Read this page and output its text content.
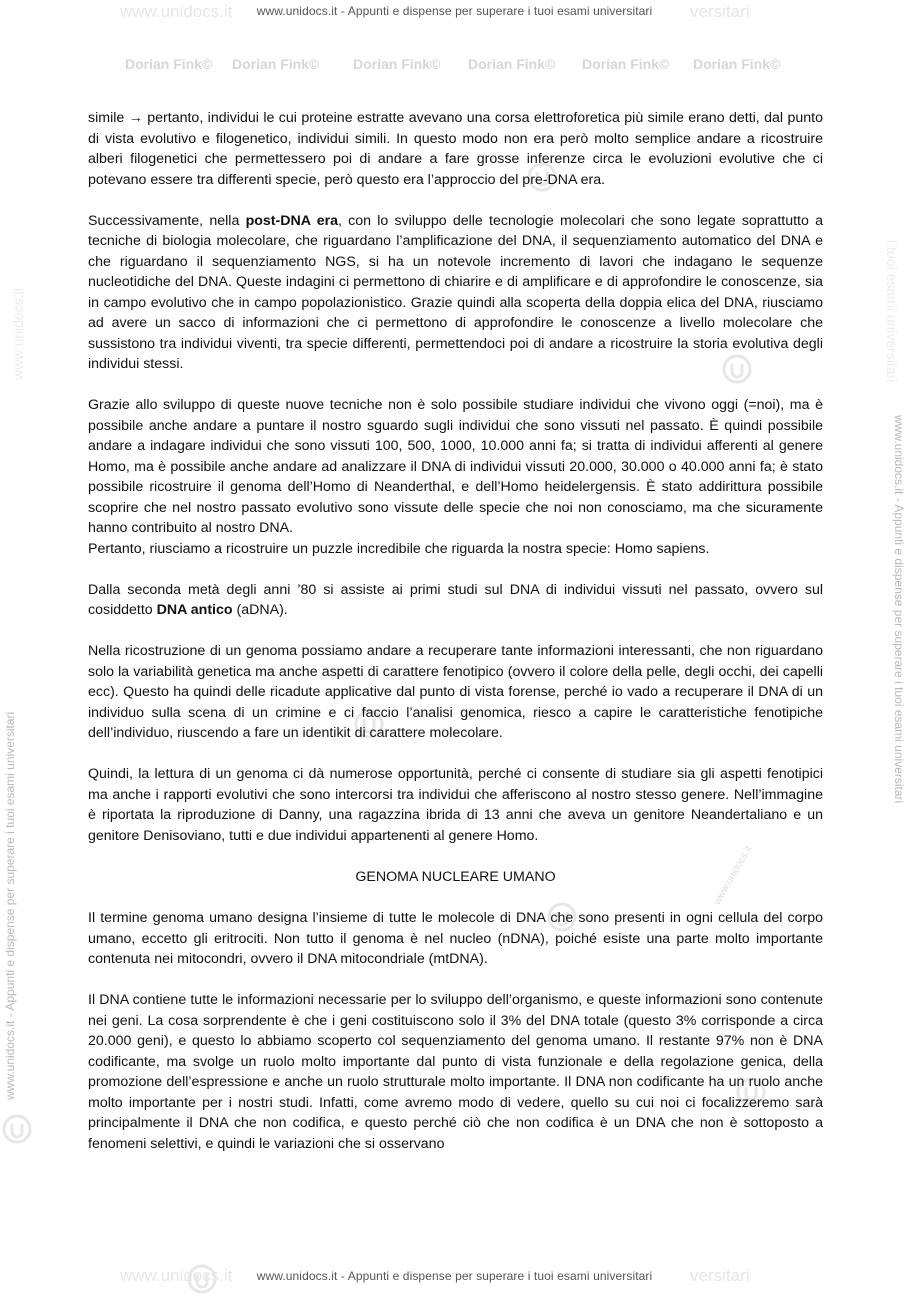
www.unidocs.it	versitari
www.unidocs.it - Appunti e dispense per superare i tuoi esami universitari
Dorian Fink© Dorian Fink© Dorian Fink© Dorian Fink© Dorian Fink© Dorian Fink©
www.unidocs.it - Appunti e dispense per superare i tuoi esami universitari
www.unidocs.it - Appunti e dispense per superare i tuoi esami universitari
www.unidocs.it	i tuoi esami universitari
www.unidocs.it

simile → pertanto, individui le cui proteine estratte avevano una corsa elettroforetica più simile erano detti, dal punto di vista evolutivo e filogenetico, individui simili. In questo modo non era però molto semplice andare a ricostruire alberi filogenetici che permettessero poi di andare a fare grosse inferenze circa le evoluzioni evolutive che ci potevano essere tra differenti specie, però questo era l’approccio del pre-DNA era.

Successivamente, nella post-DNA era, con lo sviluppo delle tecnologie molecolari che sono legate soprattutto a tecniche di biologia molecolare, che riguardano l’amplificazione del DNA, il sequenziamento automatico del DNA e che riguardano il sequenziamento NGS, si ha un notevole incremento di lavori che indagano le sequenze nucleotidiche del DNA. Queste indagini ci permettono di chiarire e di amplificare e di approfondire le conoscenze, sia in campo evolutivo che in campo popolazionistico. Grazie quindi alla scoperta della doppia elica del DNA, riusciamo ad avere un sacco di informazioni che ci permettono di approfondire le conoscenze a livello molecolare che sussistono tra individui viventi, tra specie differenti, permettendoci poi di andare a ricostruire la storia evolutiva degli individui stessi.

Grazie allo sviluppo di queste nuove tecniche non è solo possibile studiare individui che vivono oggi (=noi), ma è possibile anche andare a puntare il nostro sguardo sugli individui che sono vissuti nel passato. È quindi possibile andare a indagare individui che sono vissuti 100, 500, 1000, 10.000 anni fa; si tratta di individui afferenti al genere Homo, ma è possibile anche andare ad analizzare il DNA di individui vissuti 20.000, 30.000 o 40.000 anni fa; è stato possibile ricostruire il genoma dell’Homo di Neanderthal, e dell’Homo heidelergensis. È stato addirittura possibile scoprire che nel nostro passato evolutivo sono vissute delle specie che noi non conosciamo, ma che sicuramente hanno contribuito al nostro DNA.

Pertanto, riusciamo a ricostruire un puzzle incredibile che riguarda la nostra specie: Homo sapiens.

Dalla seconda metà degli anni ’80 si assiste ai primi studi sul DNA di individui vissuti nel passato, ovvero sul cosiddetto DNA antico (aDNA).

Nella ricostruzione di un genoma possiamo andare a recuperare tante informazioni interessanti, che non riguardano solo la variabilità genetica ma anche aspetti di carattere fenotipico (ovvero il colore della pelle, degli occhi, dei capelli ecc). Questo ha quindi delle ricadute applicative dal punto di vista forense, perché io vado a recuperare il DNA di un individuo sulla scena di un crimine e ci faccio l’analisi genomica, riesco a capire le caratteristiche fenotipiche dell’individuo, riuscendo a fare un identikit di carattere molecolare.

Quindi, la lettura di un genoma ci dà numerose opportunità, perché ci consente di studiare sia gli aspetti fenotipici ma anche i rapporti evolutivi che sono intercorsi tra individui che afferiscono al nostro stesso genere. Nell’immagine è riportata la riproduzione di Danny, una ragazzina ibrida di 13 anni che aveva un genitore Neandertaliano e un genitore Denisoviano, tutti e due individui appartenenti al genere Homo.

GENOMA NUCLEARE UMANO

Il termine genoma umano designa l’insieme di tutte le molecole di DNA che sono presenti in ogni cellula del corpo umano, eccetto gli eritrociti. Non tutto il genoma è nel nucleo (nDNA), poiché esiste una parte molto importante contenuta nei mitocondri, ovvero il DNA mitocondriale (mtDNA).

Il DNA contiene tutte le informazioni necessarie per lo sviluppo dell’organismo, e queste informazioni sono contenute nei geni. La cosa sorprendente è che i geni costituiscono solo il 3% del DNA totale (questo 3% corrisponde a circa 20.000 geni), e questo lo abbiamo scoperto col sequenziamento del genoma umano. Il restante 97% non è DNA codificante, ma svolge un ruolo molto importante dal punto di vista funzionale e della regolazione genica, della promozione dell’espressione e anche un ruolo strutturale molto importante. Il DNA non codificante ha un ruolo anche molto importante per i nostri studi. Infatti, come avremo modo di vedere, quello su cui noi ci focalizzeremo sarà principalmente il DNA che non codifica, e questo perché ciò che non codifica è un DNA che non è sottoposto a fenomeni selettivi, e quindi le variazioni che si osservano

www.unidocs.it	versitari
www.unidocs.it - Appunti e dispense per superare i tuoi esami universitari
